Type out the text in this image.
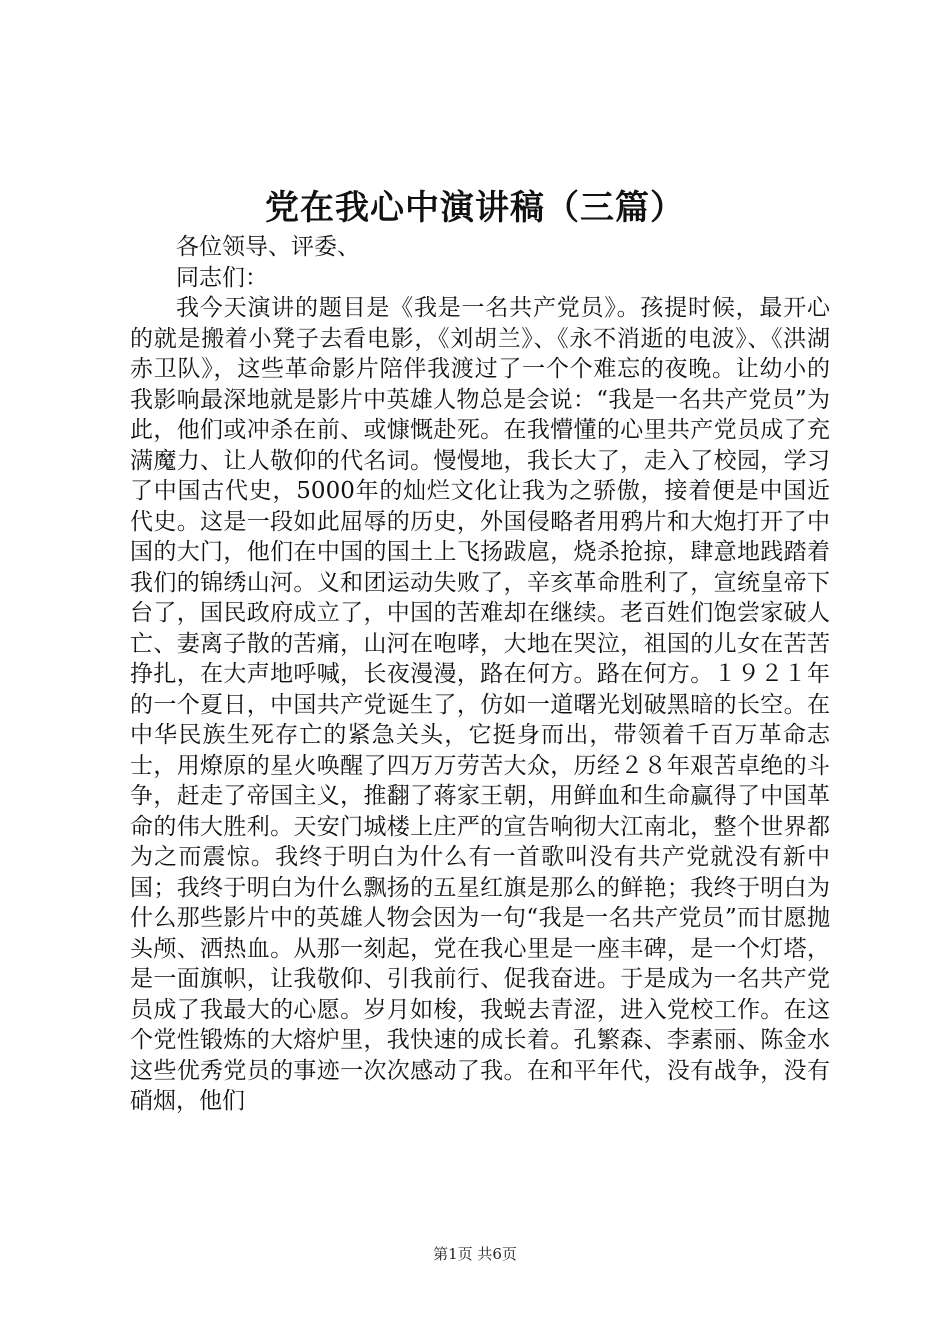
党在我心中演讲稿（三篇）

各位领导、评委、

同志们：

我今天演讲的题目是《我是一名共产党员》。孩提时候，最开心的就是搬着小凳子去看电影，《刘胡兰》、《永不消逝的电波》、《洪湖赤卫队》，这些革命影片陪伴我渡过了一个个难忘的夜晚。让幼小的我影响最深地就是影片中英雄人物总是会说：“我是一名共产党员”为此，他们或冲杀在前、或慷慨赴死。在我懵懂的心里共产党员成了充满魔力、让人敬仰的代名词。慢慢地，我长大了，走入了校园，学习了中国古代史，5000年的灿烂文化让我为之骄傲，接着便是中国近代史。这是一段如此屈辱的历史，外国侵略者用鸦片和大炮打开了中国的大门，他们在中国的国土上飞扬跋扈，烧杀抢掠，肆意地践踏着我们的锦绣山河。义和团运动失败了，辛亥革命胜利了，宣统皇帝下台了，国民政府成立了，中国的苦难却在继续。老百姓们饱尝家破人亡、妻离子散的苦痛，山河在咆哮，大地在哭泣，祖国的儿女在苦苦挣扎，在大声地呼喊，长夜漫漫，路在何方。路在何方。１９２１年的一个夏日，中国共产党诞生了，仿如一道曙光划破黑暗的长空。在中华民族生死存亡的紧急关头，它挺身而出，带领着千百万革命志士，用燎原的星火唤醒了四万万劳苦大众，历经２８年艰苦卓绝的斗争，赶走了帝国主义，推翻了蒋家王朝，用鲜血和生命赢得了中国革命的伟大胜利。天安门城楼上庄严的宣告响彻大江南北，整个世界都为之而震惊。我终于明白为什么有一首歌叫没有共产党就没有新中国；我终于明白为什么飘扬的五星红旗是那么的鲜艳；我终于明白为什么那些影片中的英雄人物会因为一句“我是一名共产党员”而甘愿抛头颅、洒热血。从那一刻起，党在我心里是一座丰碑，是一个灯塔，是一面旗帜，让我敬仰、引我前行、促我奋进。于是成为一名共产党员成了我最大的心愿。岁月如梭，我蜕去青涩，进入党校工作。在这个党性锻炼的大熔炉里，我快速的成长着。孔繁森、李素丽、陈金水这些优秀党员的事迹一次次感动了我。在和平年代，没有战争，没有硝烟，他们

第1页 共6页
